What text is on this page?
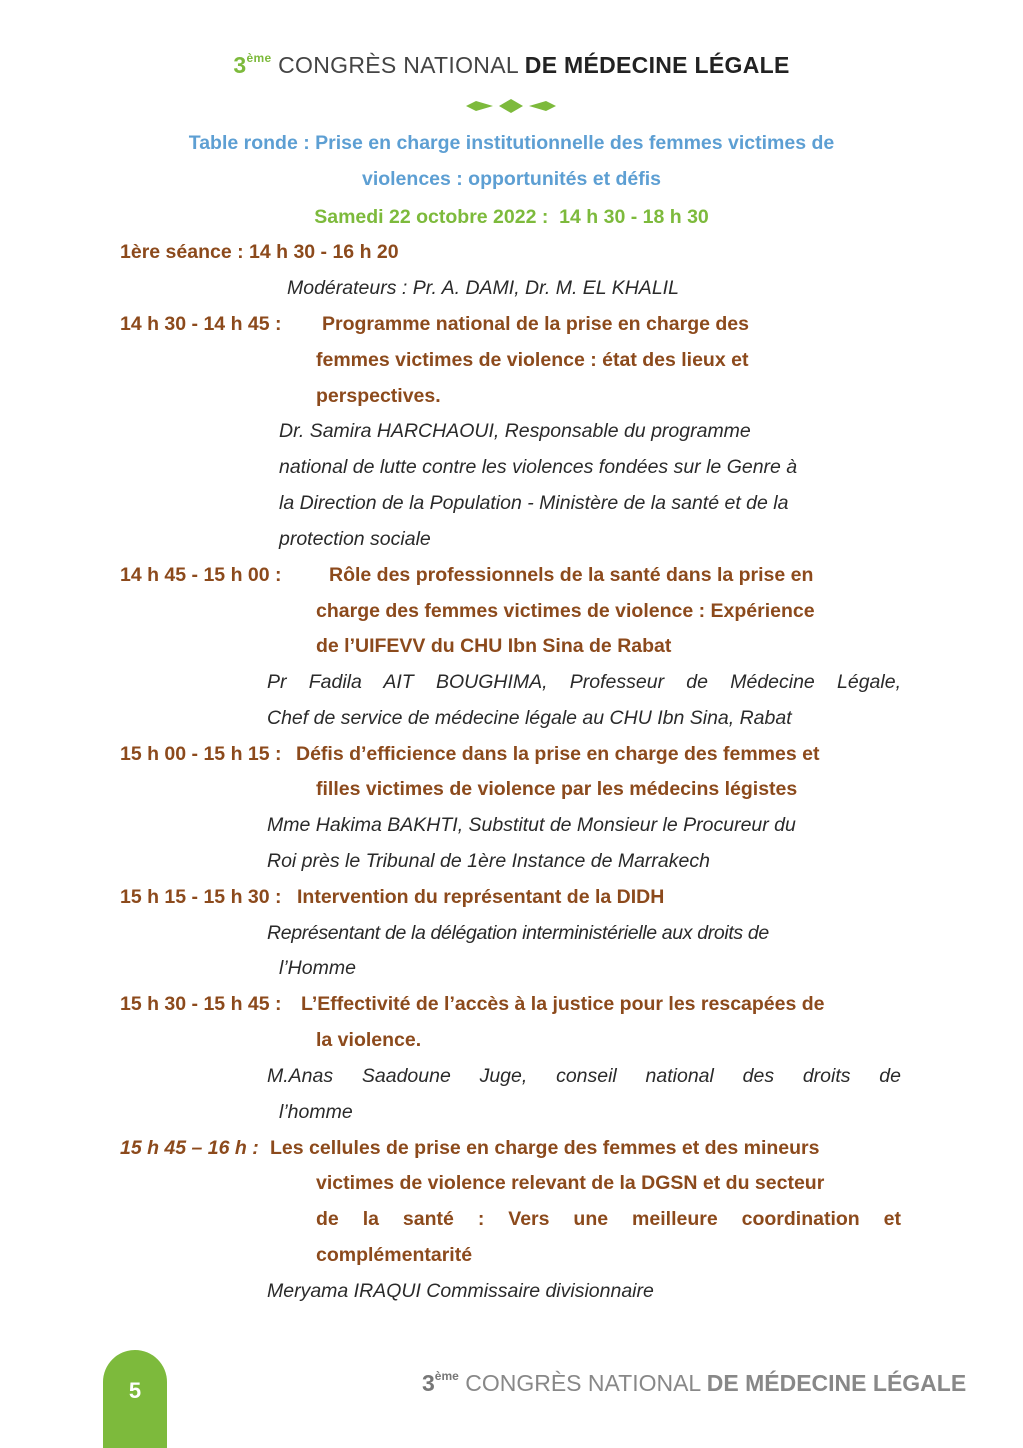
3ème CONGRÈS NATIONAL DE MÉDECINE LÉGALE
Table ronde : Prise en charge institutionnelle des femmes victimes de
violences : opportunités et défis
Samedi 22 octobre 2022 :  14 h 30 - 18 h 30
1ère séance : 14 h 30 - 16 h 20
Modérateurs : Pr. A. DAMI, Dr. M. EL KHALIL
14 h 30 - 14 h 45 : Programme national de la prise en charge des
femmes victimes de violence : état des lieux et
perspectives.
Dr. Samira HARCHAOUI, Responsable du programme
national de lutte contre les violences fondées sur le Genre à
la Direction de la Population - Ministère de la santé et de la
protection sociale
14 h 45 - 15 h 00 : Rôle des professionnels de la santé dans la prise en
charge des femmes victimes de violence : Expérience
de l’UIFEVV du CHU Ibn Sina de Rabat
Pr Fadila AIT BOUGHIMA, Professeur de Médecine Légale,
Chef de service de médecine légale au CHU Ibn Sina, Rabat
15 h 00 - 15 h 15 : Défis d’efficience dans la prise en charge des femmes et
filles victimes de violence par les médecins légistes
Mme Hakima BAKHTI, Substitut de Monsieur le Procureur du
Roi près le Tribunal de 1ère Instance de Marrakech
15 h 15 - 15 h 30 : Intervention du représentant de la DIDH
Représentant de la délégation interministérielle aux droits de
l’Homme
15 h 30 - 15 h 45 : L’Effectivité de l’accès à la justice pour les rescapées de
la violence.
M.Anas Saadoune Juge, conseil national des droits de
l’homme
15 h 45 – 16 h : Les cellules de prise en charge des femmes et des mineurs
victimes de violence relevant de la DGSN et du secteur
de la santé : Vers une meilleure coordination et
complémentarité
Meryama IRAQUI Commissaire divisionnaire
5	3ème CONGRÈS NATIONAL DE MÉDECINE LÉGALE
